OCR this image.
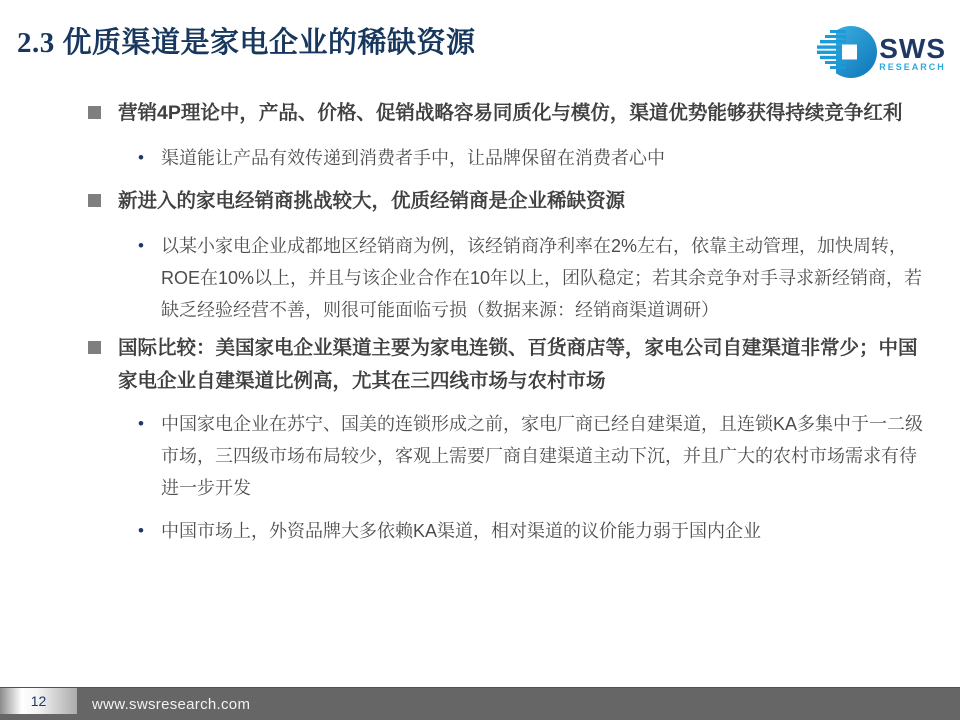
2.3 优质渠道是家电企业的稀缺资源	SWS
RESEARCH
营销4P理论中，产品、价格、促销战略容易同质化与模仿，渠道优势能够获得持续竞争红利
• 渠道能让产品有效传递到消费者手中，让品牌保留在消费者心中
新进入的家电经销商挑战较大，优质经销商是企业稀缺资源
• 以某小家电企业成都地区经销商为例，该经销商净利率在2%左右，依靠主动管理，加快周转，ROE在10%以上，并且与该企业合作在10年以上，团队稳定；若其余竞争对手寻求新经销商，若缺乏经验经营不善，则很可能面临亏损（数据来源：经销商渠道调研）
国际比较：美国家电企业渠道主要为家电连锁、百货商店等，家电公司自建渠道非常少；中国家电企业自建渠道比例高，尤其在三四线市场与农村市场
• 中国家电企业在苏宁、国美的连锁形成之前，家电厂商已经自建渠道，且连锁KA多集中于一二级市场，三四级市场布局较少，客观上需要厂商自建渠道主动下沉，并且广大的农村市场需求有待进一步开发
• 中国市场上，外资品牌大多依赖KA渠道，相对渠道的议价能力弱于国内企业
12	www.swsresearch.com
